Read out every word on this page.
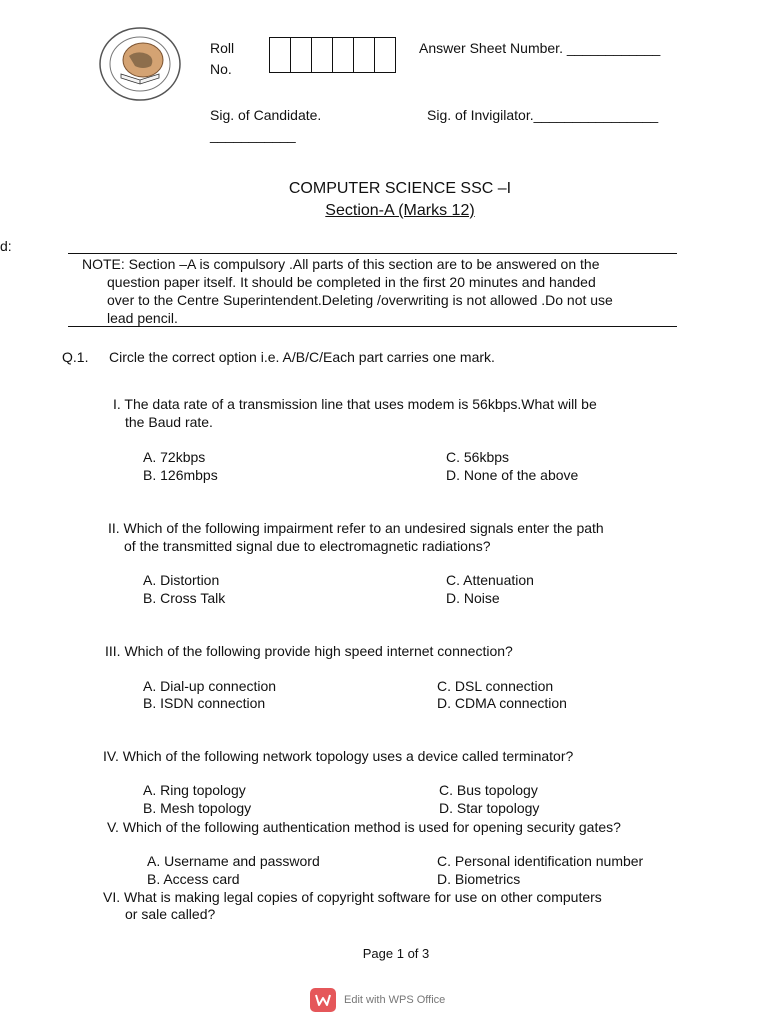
Roll
No.
Answer Sheet Number. ____________
Sig. of Candidate.
___________
Sig. of Invigilator.________________
d:
COMPUTER SCIENCE SSC –I
Section-A (Marks 12)
NOTE: Section –A is compulsory .All parts of this section are to be answered on the
question paper itself. It should be completed in the first 20 minutes and handed
over to the Centre Superintendent.Deleting /overwriting is not allowed .Do not use
lead pencil.
Q.1. Circle the correct option i.e. A/B/C/Each part carries one mark.
I. The data rate of a transmission line that uses modem is 56kbps.What will be
the Baud rate.
A. 72kbps
B. 126mbps
C. 56kbps
D. None of the above
II. Which of the following impairment refer to an undesired signals enter the path
of the transmitted signal due to electromagnetic radiations?
A. Distortion
B. Cross Talk
C. Attenuation
D. Noise
III. Which of the following provide high speed internet connection?
A. Dial-up connection
B. ISDN connection
C. DSL connection
D. CDMA connection
IV. Which of the following network topology uses a device called terminator?
A. Ring topology
B. Mesh topology
C. Bus topology
D. Star topology
V. Which of the following authentication method is used for opening security gates?
A. Username and password
B. Access card
C. Personal identification number
D. Biometrics
VI. What is making legal copies of copyright software for use on other computers
or sale called?
Page 1 of 3
Edit with WPS Office
